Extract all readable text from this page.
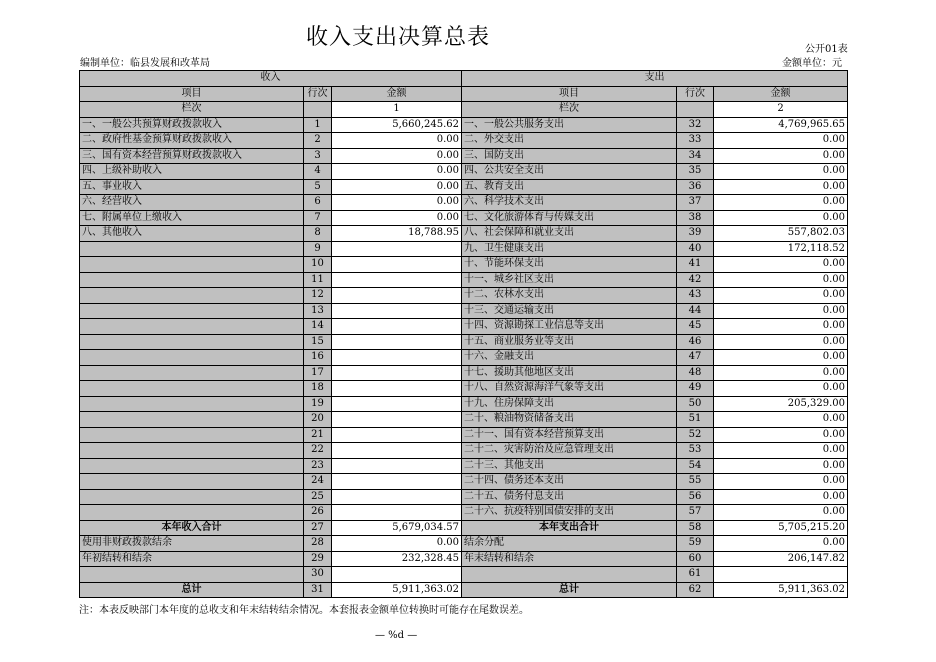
收入支出决算总表	公开01表
编制单位：临县发展和改革局	金额单位：元
收入			支出		
项目	行次	金额	项目	行次	金额
栏次		1	栏次		2
一、一般公共预算财政拨款收入	1	5,660,245.62	一、一般公共服务支出	32	4,769,965.65
二、政府性基金预算财政拨款收入	2	0.00	二、外交支出	33	0.00
三、国有资本经营预算财政拨款收入	3	0.00	三、国防支出	34	0.00
四、上级补助收入	4	0.00	四、公共安全支出	35	0.00
五、事业收入	5	0.00	五、教育支出	36	0.00
六、经营收入	6	0.00	六、科学技术支出	37	0.00
七、附属单位上缴收入	7	0.00	七、文化旅游体育与传媒支出	38	0.00
八、其他收入	8	18,788.95	八、社会保障和就业支出	39	557,802.03
	9		九、卫生健康支出	40	172,118.52
	10		十、节能环保支出	41	0.00
	11		十一、城乡社区支出	42	0.00
	12		十二、农林水支出	43	0.00
	13		十三、交通运输支出	44	0.00
	14		十四、资源勘探工业信息等支出	45	0.00
	15		十五、商业服务业等支出	46	0.00
	16		十六、金融支出	47	0.00
	17		十七、援助其他地区支出	48	0.00
	18		十八、自然资源海洋气象等支出	49	0.00
	19		十九、住房保障支出	50	205,329.00
	20		二十、粮油物资储备支出	51	0.00
	21		二十一、国有资本经营预算支出	52	0.00
	22		二十二、灾害防治及应急管理支出	53	0.00
	23		二十三、其他支出	54	0.00
	24		二十四、债务还本支出	55	0.00
	25		二十五、债务付息支出	56	0.00
	26		二十六、抗疫特别国债安排的支出	57	0.00
本年收入合计	27	5,679,034.57	本年支出合计	58	5,705,215.20
使用非财政拨款结余	28	0.00	结余分配	59	0.00
年初结转和结余	29	232,328.45	年末结转和结余	60	206,147.82
	30			61	
总计	31	5,911,363.02	总计	62	5,911,363.02
注：本表反映部门本年度的总收支和年末结转结余情况。本套报表金额单位转换时可能存在尾数误差。
— %d —
